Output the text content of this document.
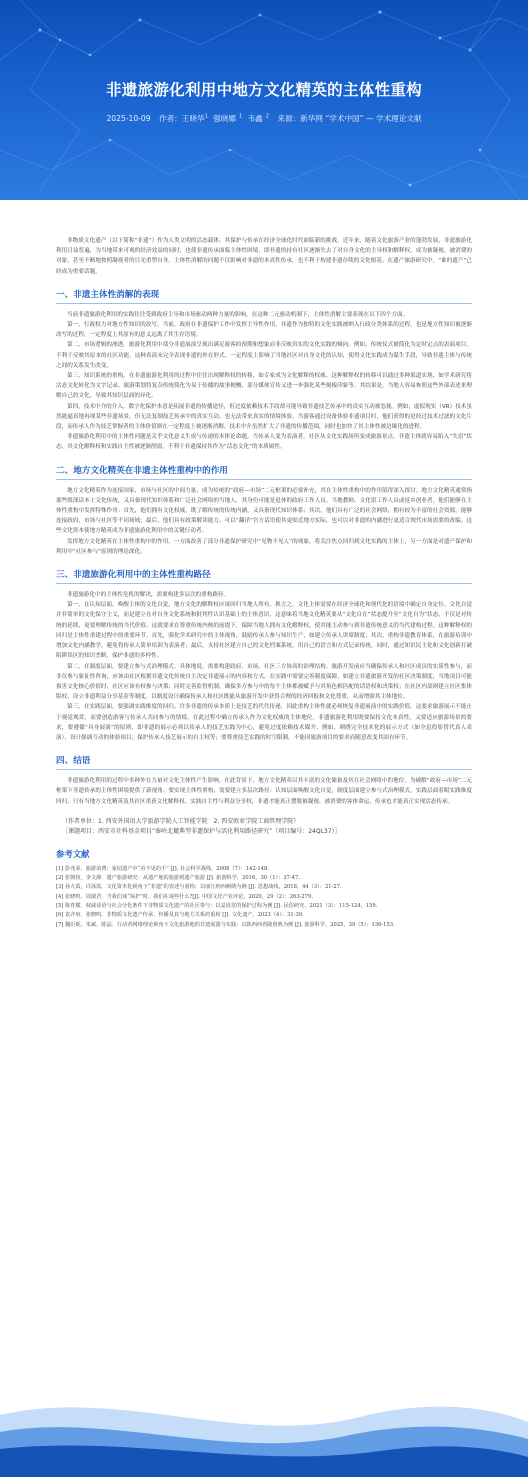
非遗旅游化利用中地方文化精英的主体性重构
2025-10-09 作者：王晓华$^1$ 强晓娜 $^1$ 韦鑫 $^2$ 来源：新华网 “学术中国” — 学术理论文献

非物质文化遗产（以下简称“非遗”）作为人类文明的活态载体，其保护与传承在经济全球化时代面临新的挑战。近年来，随着文化旅游产业的蓬勃发展，非遗旅游化利用日益普遍，为当地带来可观的经济效益的同时，也使非遗传承面临主体性困境，即非遗的持有社区逐渐失去了对自身文化的主导权和解释权，成为被凝视、被消费的对象，甚至不断地按照凝视者的目光重塑自身。主体性消解的问题不仅影响对非遗的本真性传承，也不利于构建非遗存续的文化根基。在遗产旅游研究中，“谁的遗产”已经成为重要话题。

一、非遗主体性消解的表现

当前非遗旅游化利用的实践往往受到政府主导和市场驱动两种力量的影响，在这种二元驱动机制下，主体性消解主要表现在以下四个方面。

第一，行政权力对地方性知识的改写。当前，政府在非遗保护工作中发挥主导性作用，非遗作为独特的文化实践被纳入行政分类体系的过程，也是地方性知识被逐渐改写的过程，一定程度上其原有的意义远离了其生存语境。

第二，市场逻辑的渗透。旅游化利用中部分非遗展演呈现出满足游客的预期和想象而非反映真实的文化实践的倾向。例如，传统仪式被简化为定时定点的表演项目，不利于反映其原本的社区功能。这种表演未完全表现非遗的外在形式，一定程度上影响了当地社区对自身文化的认知，使得文化实践成为谋生手段，导致非遗主体与传统之间的关系发生改变。

第三，知识系统的重构。在非遗旅游化利用的过程中往往出现解释权的转移，如专家成为文化解释的权威。这种解释权的转移可以通过多种渠道实现，如学术研究将活态文化转化为文字记录、旅游策划将复杂传统简化为易于传播的故事梗概、部分媒体宣传又进一步强化某些刻板印象等。其结果是，当地人容易参照这些外部表述来理解自己的文化，导致其知识层面的异化。

第四，技术中介的介入。数字化保护本意是拓展非遗的传播途径，但过度依赖技术手段却可能导致非遗技艺传承中的真实互动被忽视。例如，虚拟现实（VR）技术虽然能逼真地再现某些非遗场景，但无法复制技艺传承中的真实互动，也无法带来真实的情境体验。当游客通过设备体验非遗项目时，他们获得的是经过技术过滤的文化片段，而传承人作为技艺掌握者的主体价值则在一定程度上被逐渐消解。技术中介虽然扩大了非遗的传播范围，同时也加快了其主体性被边缘化的进程。

非遗旅游化利用中的主体性问题是关乎文化意义生成与传递的本体论命题。当传承人变为表演者，社区从文化实践场所变成旅游景点，非遗主体就容易陷入“失语”状态，其文化解释权和实践自主性被逐渐削弱，不利于非遗保持其作为“活态文化”的本质属性。

二、地方文化精英在非遗主体性重构中的作用

地方文化精英作为连接国家、市场与社区的中间力量，成为传统的“政府—市场”二元框架的必要补充，其在主体性重构中的作用值得深入探讨。地方文化精英通常指那些既深谙本土文化传统，又具备现代知识体系和广泛社会网络的当地人，其身份可能是退休的政府工作人员、当地教师、文化馆工作人员或返乡创业者。他们能够在主体性重构中发挥特殊作用：首先，他们拥有文化权威，既了解传统的传统内涵，又具备现代知识体系；其次，他们具有广泛的社会网络，拥有较为丰富的社会资源，能够连接政府、市场与社区等不同场域；最后，他们具有政策解读能力，可以“翻译”官方话语使其更贴近地方实际，也可以对非遗的内涵进行更适合现代市场需要的改编。这些文化资本使地方精英成为非遗旅游化利用中的关键行动者。

发挥地方文化精英在主体性重构中的作用，一方面改善了部分非遗保护研究中“见物不见人”的现象，将关注焦点回归到文化实践的主体上，另一方面是对遗产保护和利用中“社区参与”原则的理论深化。

三、非遗旅游化利用中的主体性重构路径

非遗旅游化中的主体性危机的解决，需要构建多层次的重构路径。

第一，在认知层面，唤醒主体的文化自觉，地方文化的解释权应该回归当地人所有。换言之，文化主体需要在经济全球化和现代化的语境中确定自身定位。文化自觉并非简单的文化保守主义，而是建立在对自身文化系统和批判性认识基础上的主体意识。这意味着当地文化精英要从“文化自在”状态提升至“文化自为”状态，不仅是对传统的延续，更要理解传统的当代价值。这就要求在尊重传统内核的前提下，保障当地人拥有文化解释权，使其能主动参与到非遗传统意义的当代建构过程。这种解释权的回归是主体性重建过程中的重要环节。首先，强化学术研究中的主体视角，鼓励传承人参与知识生产，如建立传承人讲席制度；其次，重构非遗教育体系，在旅游培训中增加文化内涵教学，避免将传承人简单培训为表演者；最后，支持社区建立自己的文化档案系统，用自己的语言和方式记录传统。同时，通过知识民主化和文化创新打破陷阱误区的知识垄断，保护非遗的多样性。

第二，在制度层面，要建立参与式治理模式。具体地说，需要构建政府、市场、社区三方协商的治理结构。旅游开发前应当确保传承人和社区成员的实质性参与，而非仅参与象征性咨询，应该由社区根据非遗文化传统自主决定非遗展示的内容和方式。在实践中需要完善制度保障，如建立非遗旅游开发的社区决策制度，当地项目可能损害文化核心价值时，社区应该有权参与决策；同时完善监督机制，确保多方参与中的每个主体都被赋予与其角色相匹配的话语权和决策权；在社区内部则建立社区集体版权、设立非遗利益分享基金等制度。以制度设计确保传承人和社区既能从旅游开发中获得合理的经济回报和文化尊重，从而增强其主体地位。

第三，在实践层面，要强调实践维度的回归。许多非遗的传承本质上是技艺的代代传递，因此重构主体性就必须恢复非遗展演中的实践价值。这要求旅游展示不能止于视觉观赏，而要创造游客与传承人共同参与的情境。在此过程中确立传承人作为文化权威的主体地位。非遗旅游化利用既要保持文化本真性，又要适应旅游场景的要求，要遵循“具身展演”的原则，即非遗的展示必须以传承人的技艺实践为中心，避免过度依赖技术媒介。例如，刺绣完全技术化的展示方式（如全息投影替代真人表演），设计强调互动的体验项目，保护传承人技艺展示的自主权等；要尊重技艺实践的时空限制，不能因旅游项目的要求而随意改变其固有环节。

四、结语

非遗旅游化利用的过程中多种外在力量对文化主体性产生影响。在此背景下，地方文化精英以其丰富的文化储备及其在社会网络中的地位，为破解“政府—市场”二元框架下非遗传承的主体性困境提供了新视角。要实现主体性重构，需要建立多层次路径：认知层面唤醒文化自觉，制度层面建立参与式治理模式，实践层面着眼实践维度回归。只有当地方文化精英及其社区重获文化解释权、实践自主性与利益分享权，非遗才能真正摆脱被凝视、被消费的客体命运，传承也才能真正实现活态传承。

（作者单位：1. 西安外国语大学旅游学院人工智能学院　2. 西安欧亚学院工商管理学院）
［课题项目：西安市社科基金项目“秦岭北麓典型非遗保护与活化利用路径研究”（项目编号：24QL37）］
参考文献
[1] 彭兆荣．旅游消费：家园遗产中“看不见的手” [J]. 社会科学战线，2008（7）：142-148.
[2] 张朝枝，李文静．遗产旅游研究：从遗产地的旅游到遗产旅游 [J]. 旅游科学，2016，30（1）：37-47.
[3] 孙九霞，许泳霞．文化资本化视角下“非遗”的表述与重构：以丽江纳西刺绣为例 [J]. 思想战线，2018，44（3）：21-27.
[4] 张晓鸣，周淑君．当我们谈“保护”时，我们在谈些什么?[J]. 中国文化产业评论，2020，29（2）：263-279.
[5] 陈育耀．权威话语与社会分化条件下非物质文化遗产的社区参与：以妥瑶堂的保护过程为例 [J]. 民俗研究，2021（3）：115-124，159.
[6] 袁齐府，张晓鸣．非物质文化遗产传承、传播及其与地方关系的重构 [J]. 文化遗产，2023（4）：31-39.
[7] 魏臣妮，朱斌，陈晶．行动者网络理论视角下文化旅游地的非遗展演与实践：以陕西西省陇督典为例 [J]. 旅游科学，2025，39（5）：136-153.
